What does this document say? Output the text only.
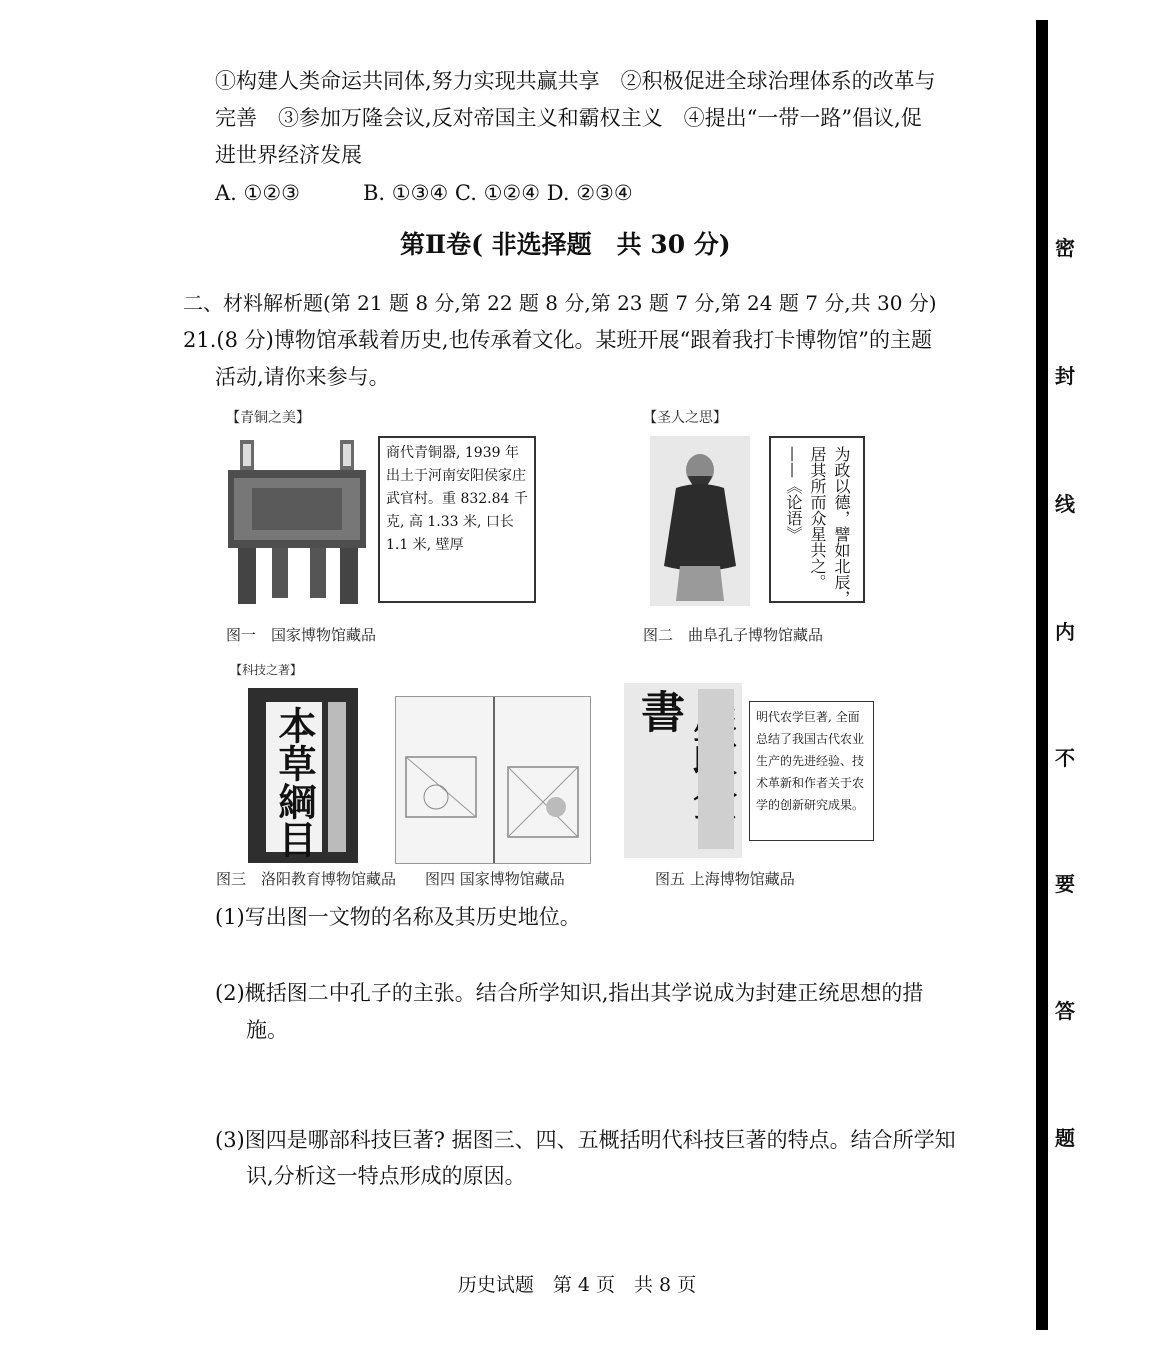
①构建人类命运共同体,努力实现共赢共享　②积极促进全球治理体系的改革与
完善　③参加万隆会议,反对帝国主义和霸权主义　④提出“一带一路”倡议,促
进世界经济发展
A. ①②③　　　B. ①③④ C. ①②④ D. ②③④
第Ⅱ卷( 非选择题　共 30 分)
二、材料解析题(第 21 题 8 分,第 22 题 8 分,第 23 题 7 分,第 24 题 7 分,共 30 分)
21.(8 分)博物馆承载着历史,也传承着文化。某班开展“跟着我打卡博物馆”的主题
活动,请你来参与。
【青铜之美】	【圣人之思】
【科技之著】
商代青铜器, 1939 年出土于河南安阳侯家庄武官村。重 832.84 千克, 高 1.33 米, 口长 1.1 米, 壁厚	为政以德，譬如北辰，
居其所而众星共之。
——《论语》
图一　国家博物馆藏品	图二　曲阜孔子博物馆藏品
本草綱目	書	明代农学巨著, 全面总结了我国古代农业生产的先进经验、技术革新和作者关于农学的创新研究成果。
图三　洛阳教育博物馆藏品 图四 国家博物馆藏品	图五 上海博物馆藏品
(1)写出图一文物的名称及其历史地位。
(2)概括图二中孔子的主张。结合所学知识,指出其学说成为封建正统思想的措
施。
(3)图四是哪部科技巨著? 据图三、四、五概括明代科技巨著的特点。结合所学知
识,分析这一特点形成的原因。
历史试题　第 4 页　共 8 页
密
封
线
内
不
要
答
题
